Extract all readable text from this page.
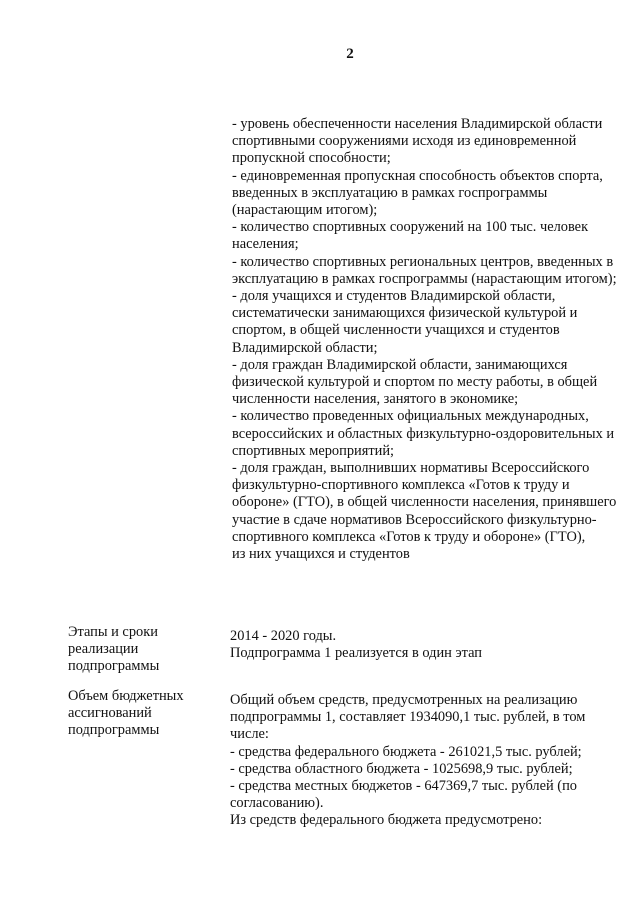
2

- уровень обеспеченности населения Владимирской области спортивными сооружениями исходя из единовременной пропускной способности;

- единовременная пропускная способность объектов спорта, введенных в эксплуатацию в рамках госпрограммы (нарастающим итогом);

- количество спортивных сооружений на 100 тыс. человек населения;

- количество спортивных региональных центров, введенных в эксплуатацию в рамках госпрограммы (нарастающим итогом);

- доля учащихся и студентов Владимирской области, систематически занимающихся физической культурой и спортом, в общей численности учащихся и студентов Владимирской области;

- доля граждан Владимирской области, занимающихся физической культурой и спортом по месту работы, в общей численности населения, занятого в экономике;

- количество проведенных официальных международных, всероссийских и областных физкультурно-оздоровительных и спортивных мероприятий;

- доля граждан, выполнивших нормативы Всероссийского физкультурно-спортивного комплекса «Готов к труду и обороне» (ГТО), в общей численности населения, принявшего участие в сдаче нормативов Всероссийского физкультурно-спортивного комплекса «Готов к труду и обороне» (ГТО),

из них учащихся и студентов

Этапы и сроки реализации подпрограммы

2014 - 2020 годы.

Подпрограмма 1 реализуется в один этап

Объем бюджетных ассигнований подпрограммы

Общий объем средств, предусмотренных на реализацию подпрограммы 1, составляет 1934090,1 тыс. рублей, в том числе:

- средства федерального бюджета - 261021,5 тыс. рублей;

- средства областного бюджета - 1025698,9 тыс. рублей;

- средства местных бюджетов - 647369,7 тыс. рублей (по согласованию).

Из средств федерального бюджета предусмотрено:
